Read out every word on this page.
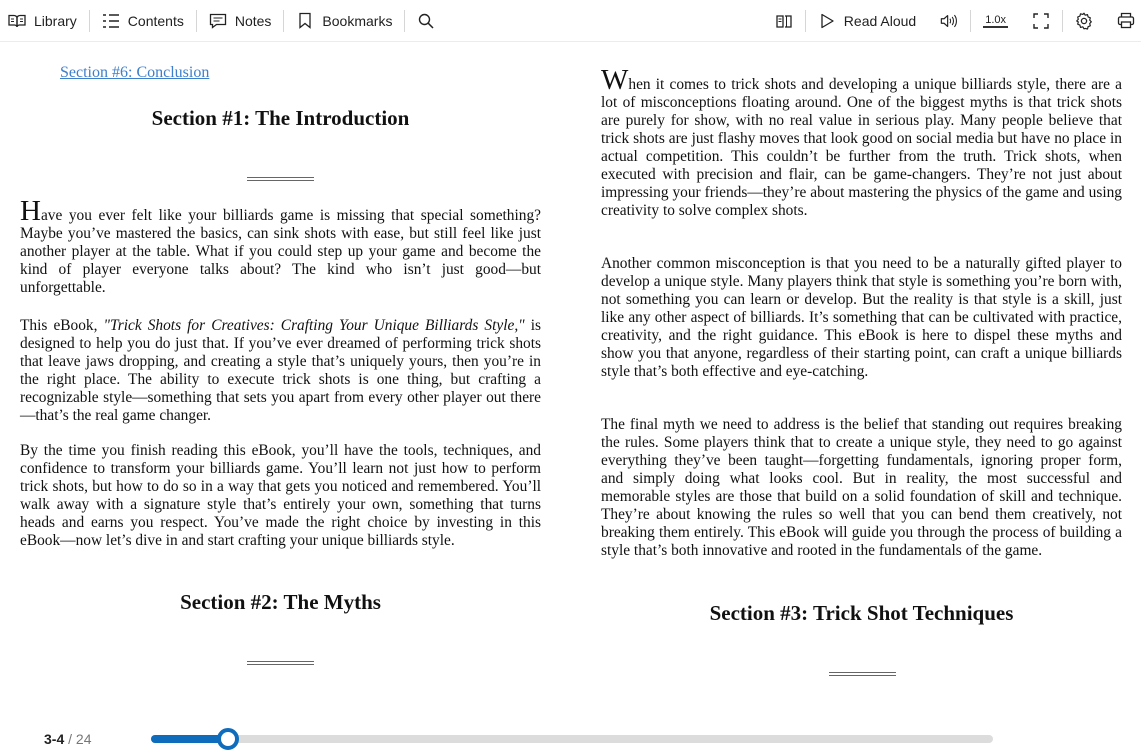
Library	Contents	Notes	Bookmarks	Read Aloud	1.0x
Section #6: Conclusion
Section #1: The Introduction
Have you ever felt like your billiards game is missing that special something? Maybe you’ve mastered the basics, can sink shots with ease, but still feel like just another player at the table. What if you could step up your game and become the kind of player everyone talks about? The kind who isn’t just good—but unforgettable.
This eBook, "Trick Shots for Creatives: Crafting Your Unique Billiards Style," is designed to help you do just that. If you’ve ever dreamed of performing trick shots that leave jaws dropping, and creating a style that’s uniquely yours, then you’re in the right place. The ability to execute trick shots is one thing, but crafting a recognizable style—something that sets you apart from every other player out there—that’s the real game changer.
By the time you finish reading this eBook, you’ll have the tools, techniques, and confidence to transform your billiards game. You’ll learn not just how to perform trick shots, but how to do so in a way that gets you noticed and remembered. You’ll walk away with a signature style that’s entirely your own, something that turns heads and earns you respect. You’ve made the right choice by investing in this eBook—now let’s dive in and start crafting your unique billiards style.
Section #2: The Myths
When it comes to trick shots and developing a unique billiards style, there are a lot of misconceptions floating around. One of the biggest myths is that trick shots are purely for show, with no real value in serious play. Many people believe that trick shots are just flashy moves that look good on social media but have no place in actual competition. This couldn’t be further from the truth. Trick shots, when executed with precision and flair, can be game-changers. They’re not just about impressing your friends—they’re about mastering the physics of the game and using creativity to solve complex shots.
Another common misconception is that you need to be a naturally gifted player to develop a unique style. Many players think that style is something you’re born with, not something you can learn or develop. But the reality is that style is a skill, just like any other aspect of billiards. It’s something that can be cultivated with practice, creativity, and the right guidance. This eBook is here to dispel these myths and show you that anyone, regardless of their starting point, can craft a unique billiards style that’s both effective and eye-catching.
The final myth we need to address is the belief that standing out requires breaking the rules. Some players think that to create a unique style, they need to go against everything they’ve been taught—forgetting fundamentals, ignoring proper form, and simply doing what looks cool. But in reality, the most successful and memorable styles are those that build on a solid foundation of skill and technique. They’re about knowing the rules so well that you can bend them creatively, not breaking them entirely. This eBook will guide you through the process of building a style that’s both innovative and rooted in the fundamentals of the game.
Section #3: Trick Shot Techniques
3-4 / 24
